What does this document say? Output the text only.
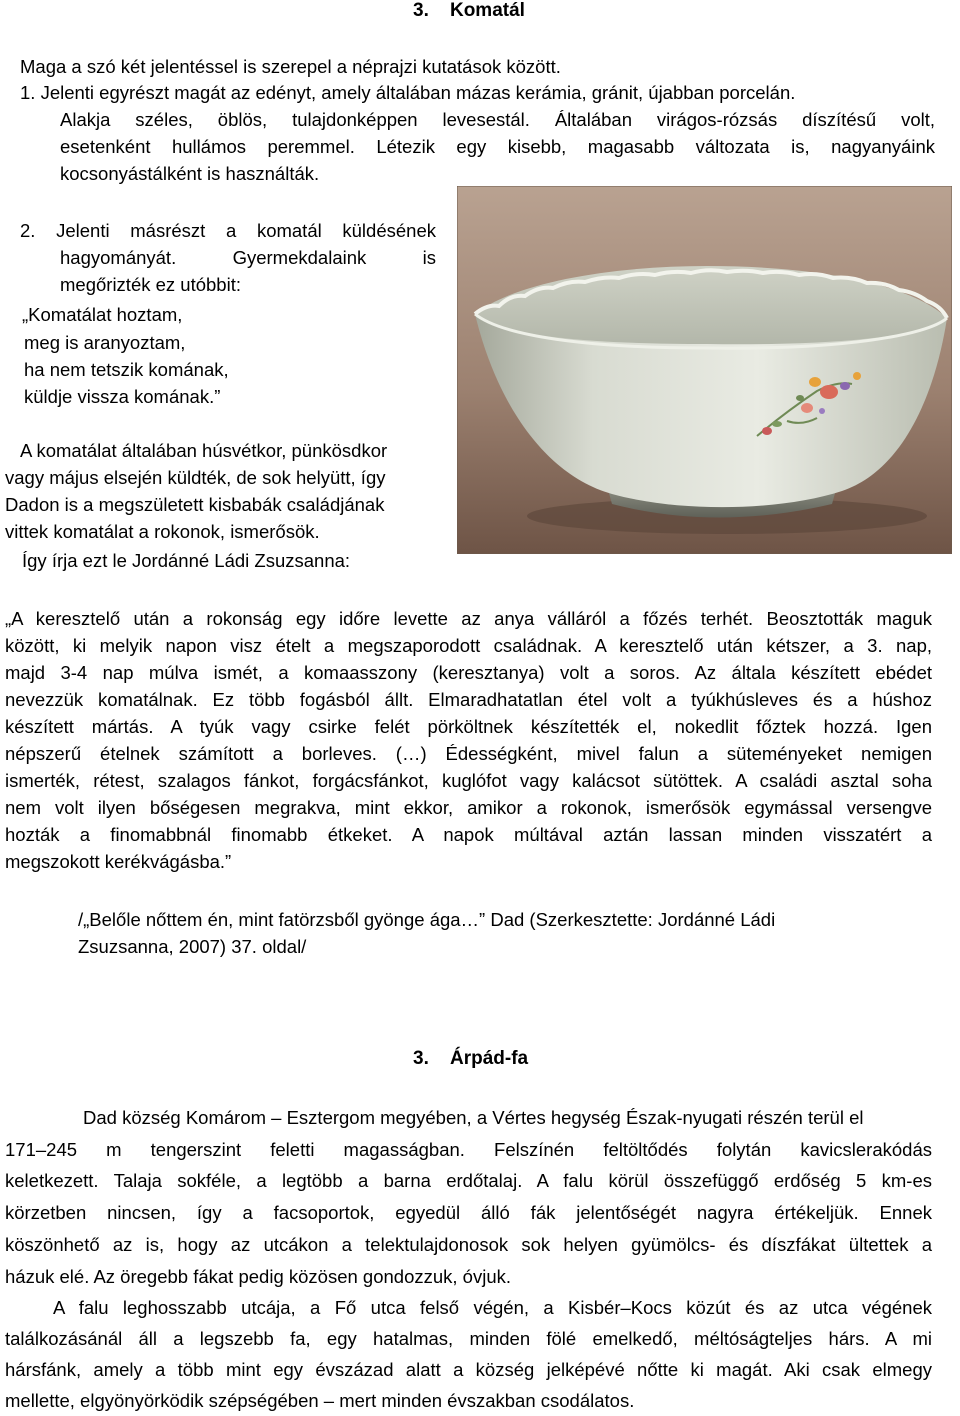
3. Komatál
Maga a szó két jelentéssel is szerepel a néprajzi kutatások között.
1. Jelenti egyrészt magát az edényt, amely általában mázas kerámia, gránit, újabban porcelán.
Alakja széles, öblös, tulajdonképpen levesestál. Általában virágos-rózsás díszítésű volt,
esetenként hullámos peremmel. Létezik egy kisebb, magasabb változata is, nagyanyáink
kocsonyástálként is használták.
2. Jelenti másrészt a komatál küldésének
hagyományát. Gyermekdalaink is
megőrizték ez utóbbit:
„Komatálat hoztam,
meg is aranyoztam,
ha nem tetszik komának,
küldje vissza komának.”
A komatálat általában húsvétkor, pünkösdkor
vagy május elsején küldték, de sok helyütt, így
Dadon is a megszületett kisbabák családjának
vittek komatálat a rokonok, ismerősök.
Így írja ezt le Jordánné Ládi Zsuzsanna:
„A keresztelő után a rokonság egy időre levette az anya válláról a főzés terhét. Beosztották maguk
között, ki melyik napon visz ételt a megszaporodott családnak. A keresztelő után kétszer, a 3. nap,
majd 3-4 nap múlva ismét, a komaasszony (keresztanya) volt a soros. Az általa készített ebédet
nevezzük komatálnak. Ez több fogásból állt. Elmaradhatatlan étel volt a tyúkhúsleves és a húshoz
készített mártás. A tyúk vagy csirke felét pörköltnek készítették el, nokedlit főztek hozzá. Igen
népszerű ételnek számított a borleves. (…) Édességként, mivel falun a süteményeket nemigen
ismerték, rétest, szalagos fánkot, forgácsfánkot, kuglófot vagy kalácsot sütöttek. A családi asztal soha
nem volt ilyen bőségesen megrakva, mint ekkor, amikor a rokonok, ismerősök egymással versengve
hozták a finomabbnál finomabb étkeket. A napok múltával aztán lassan minden visszatért a
megszokott kerékvágásba.”
/„Belőle nőttem én, mint fatörzsből gyönge ága…” Dad (Szerkesztette: Jordánné Ládi
Zsuzsanna, 2007) 37. oldal/
3. Árpád-fa
Dad község Komárom – Esztergom megyében, a Vértes hegység Észak-nyugati részén terül el
171–245 m tengerszint feletti magasságban. Felszínén feltöltődés folytán kavicslerakódás
keletkezett. Talaja sokféle, a legtöbb a barna erdőtalaj. A falu körül összefüggő erdőség 5 km-es
körzetben nincsen, így a facsoportok, egyedül álló fák jelentőségét nagyra értékeljük. Ennek
köszönhető az is, hogy az utcákon a telektulajdonosok sok helyen gyümölcs- és díszfákat ültettek a
házuk elé. Az öregebb fákat pedig közösen gondozzuk, óvjuk.
A falu leghosszabb utcája, a Fő utca felső végén, a Kisbér–Kocs közút és az utca végének
találkozásánál áll a legszebb fa, egy hatalmas, minden fölé emelkedő, méltóságteljes hárs. A mi
hársfánk, amely a több mint egy évszázad alatt a község jelképévé nőtte ki magát. Aki csak elmegy
mellette, elgyönyörködik szépségében – mert minden évszakban csodálatos.
